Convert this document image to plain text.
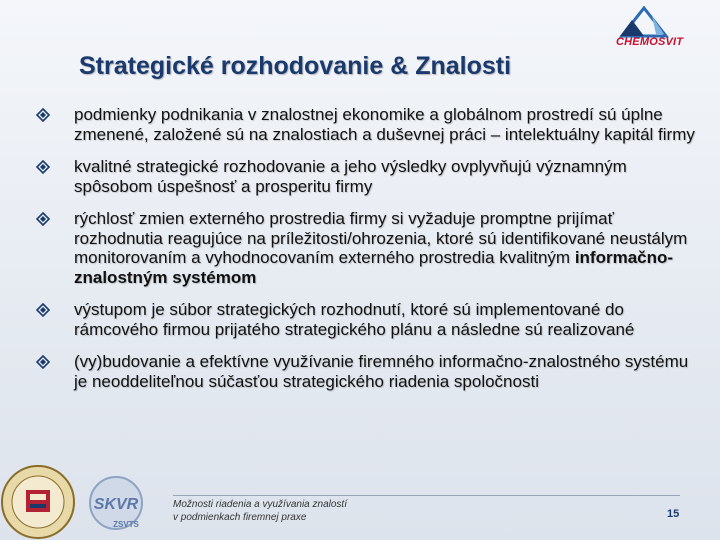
CHEMOSVIT
Strategické rozhodovanie & Znalosti
podmienky podnikania v znalostnej ekonomike a globálnom prostredí sú úplne zmenené, založené sú na znalostiach a duševnej práci – intelektuálny kapitál firmy
kvalitné strategické rozhodovanie a jeho výsledky ovplyvňujú významným spôsobom úspešnosť a prosperitu firmy
rýchlosť zmien externého prostredia firmy si vyžaduje promptne prijímať rozhodnutia reagujúce na príležitosti/ohrozenia, ktoré sú identifikované neustálym monitorovaním a vyhodnocovaním externého prostredia kvalitným informačno-znalostným systémom
výstupom je súbor strategických rozhodnutí, ktoré sú implementované do rámcového firmou prijatého strategického plánu a následne sú realizované
(vy)budovanie a efektívne využívanie firemného informačno-znalostného systému je neoddeliteľnou súčasťou strategického riadenia spoločnosti
SKVR
ZSVTS
Možnosti riadenia a využívania znalostí
v podmienkach firemnej praxe	15
